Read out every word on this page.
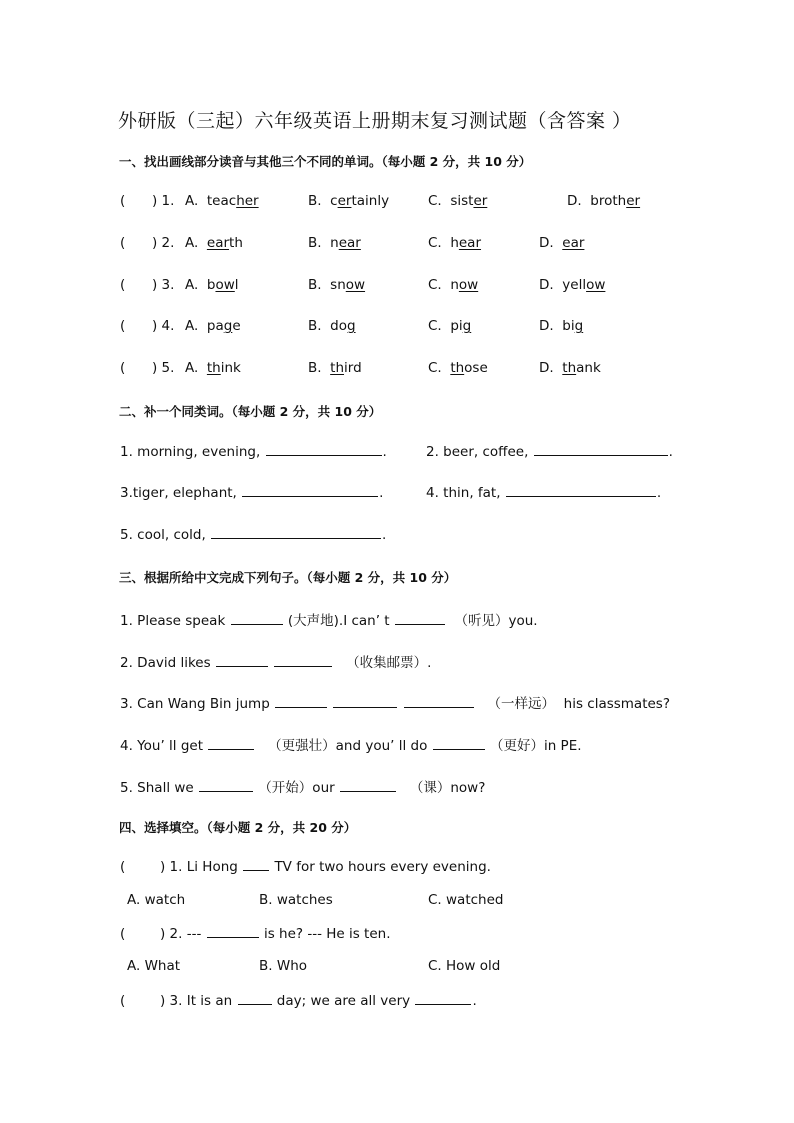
外研版（三起）六年级英语上册期末复习测试题（含答案 ）
一、找出画线部分读音与其他三个不同的单词。（每小题 2 分，共 10 分）
( ) 1. A. teacher	B. certainly	C. sister	D. brother
( ) 2. A. earth	B. near	C. hear	D. ear
( ) 3. A. bowl	B. snow	C. now	D. yellow
( ) 4. A. page	B. dog	C. pig	D. big
( ) 5. A. think	B. third	C. those	D. thank
二、补一个同类词。（每小题 2 分，共 10 分）
1. morning, evening,	.	2. beer, coffee,	.
3.tiger, elephant,	.	4. thin, fat,	.
5. cool, cold,	.
三、根据所给中文完成下列句子。（每小题 2 分，共 10 分）
1. Please speak	(大声地).I can’ t	（听见）you.
2. David likes	（收集邮票）.
3. Can Wang Bin jump	（一样远） his classmates?
4. You’ ll get	（更强壮）and you’ ll do	（更好）in PE.
5. Shall we	（开始）our	（课）now?
四、选择填空。（每小题 2 分，共 20 分）
(	) 1. Li Hong	TV for two hours every evening.
A. watch	B. watches	C. watched
(	) 2. ---	is he? --- He is ten.
A. What	B. Who	C. How old
(	) 3. It is an	day; we are all very	.
